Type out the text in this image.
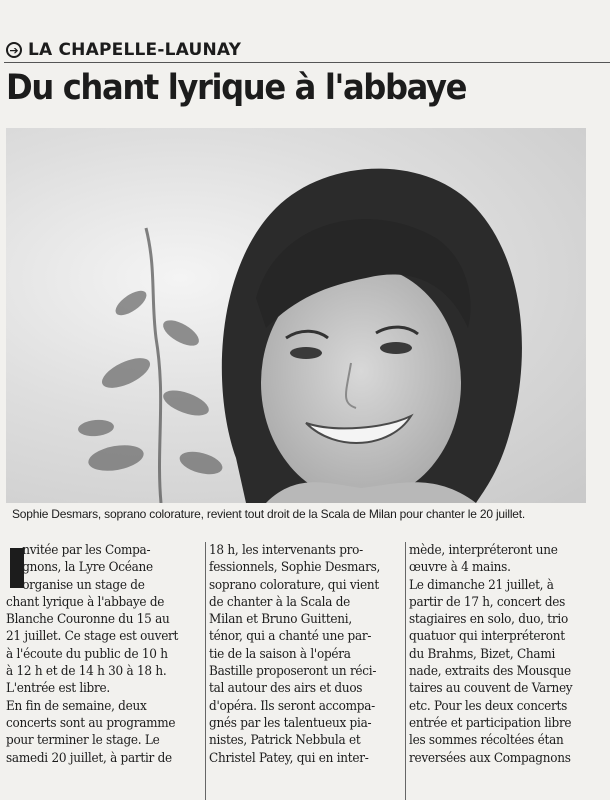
➔ LA CHAPELLE-LAUNAY
Du chant lyrique à l'abbaye
Sophie Desmars, soprano colorature, revient tout droit de la Scala de Milan pour chanter le 20 juillet.
nvitée par les Compa-
gnons, la Lyre Océane
organise un stage de
chant lyrique à l'abbaye de
Blanche Couronne du 15 au
21 juillet. Ce stage est ouvert
à l'écoute du public de 10 h
à 12 h et de 14 h 30 à 18 h.
L'entrée est libre.
En fin de semaine, deux
concerts sont au programme
pour terminer le stage. Le
samedi 20 juillet, à partir de
18 h, les intervenants pro-
fessionnels, Sophie Desmars,
soprano colorature, qui vient
de chanter à la Scala de
Milan et Bruno Guitteni,
ténor, qui a chanté une par-
tie de la saison à l'opéra
Bastille proposeront un réci-
tal autour des airs et duos
d'opéra. Ils seront accompa-
gnés par les talentueux pia-
nistes, Patrick Nebbula et
Christel Patey, qui en inter-
mède, interpréteront une
œuvre à 4 mains.
Le dimanche 21 juillet, à
partir de 17 h, concert des
stagiaires en solo, duo, trio
quatuor qui interpréteront
du Brahms, Bizet, Chami
nade, extraits des Mousque
taires au couvent de Varney
etc. Pour les deux concerts
entrée et participation libre
les sommes récoltées étan
reversées aux Compagnons
